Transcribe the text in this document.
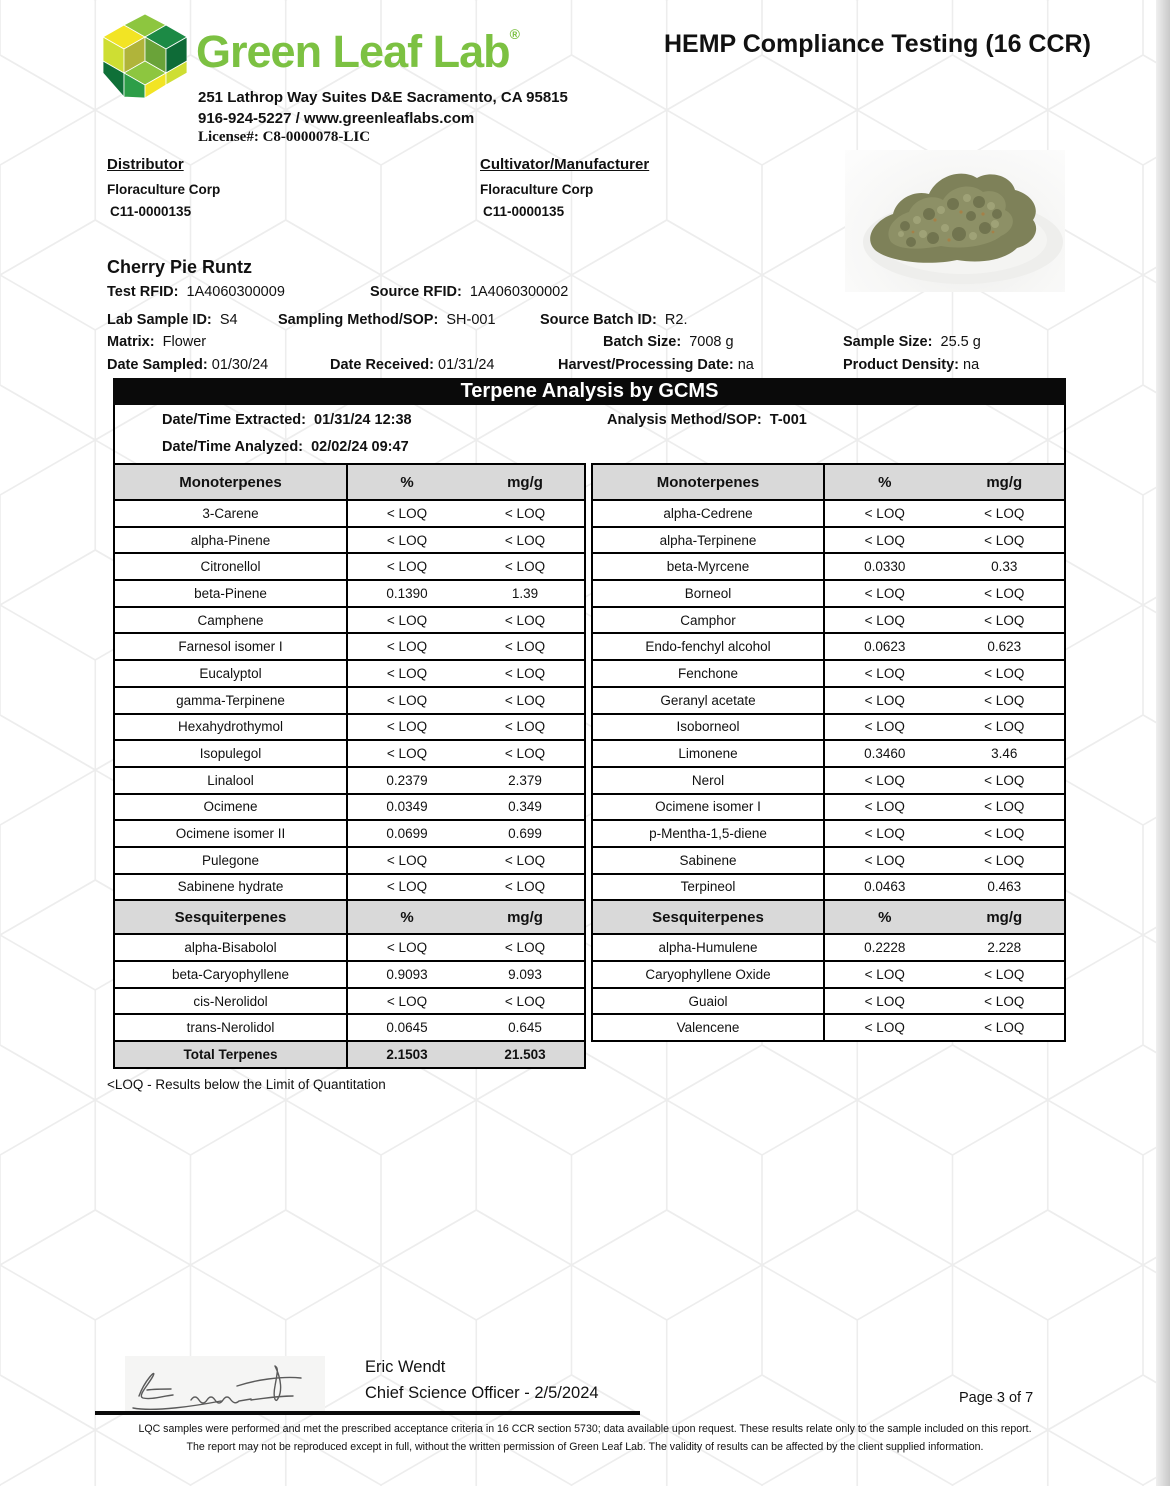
Green Leaf Lab®
251 Lathrop Way Suites D&E Sacramento, CA 95815
916-924-5227 / www.greenleaflabs.com
License#: C8-0000078-LIC
HEMP Compliance Testing (16 CCR)
Distributor
Floraculture Corp
C11-0000135
Cultivator/Manufacturer
Floraculture Corp
C11-0000135
Cherry Pie Runtz
Test RFID: 1A4060300009	Source RFID: 1A4060300002
Lab Sample ID: S4	Sampling Method/SOP: SH-001	Source Batch ID: R2.
Matrix: Flower	Batch Size: 7008 g	Sample Size: 25.5 g
Date Sampled: 01/30/24	Date Received: 01/31/24	Harvest/Processing Date: na	Product Density: na
Terpene Analysis by GCMS
Date/Time Extracted: 01/31/24 12:38	Analysis Method/SOP: T-001
Date/Time Analyzed: 02/02/24 09:47
Monoterpenes	%	mg/g
3-Carene	< LOQ	< LOQ
alpha-Pinene	< LOQ	< LOQ
Citronellol	< LOQ	< LOQ
beta-Pinene	0.1390	1.39
Camphene	< LOQ	< LOQ
Farnesol isomer I	< LOQ	< LOQ
Eucalyptol	< LOQ	< LOQ
gamma-Terpinene	< LOQ	< LOQ
Hexahydrothymol	< LOQ	< LOQ
Isopulegol	< LOQ	< LOQ
Linalool	0.2379	2.379
Ocimene	0.0349	0.349
Ocimene isomer II	0.0699	0.699
Pulegone	< LOQ	< LOQ
Sabinene hydrate	< LOQ	< LOQ
Sesquiterpenes	%	mg/g
alpha-Bisabolol	< LOQ	< LOQ
beta-Caryophyllene	0.9093	9.093
cis-Nerolidol	< LOQ	< LOQ
trans-Nerolidol	0.0645	0.645
Total Terpenes	2.1503	21.503
Monoterpenes	%	mg/g
alpha-Cedrene	< LOQ	< LOQ
alpha-Terpinene	< LOQ	< LOQ
beta-Myrcene	0.0330	0.33
Borneol	< LOQ	< LOQ
Camphor	< LOQ	< LOQ
Endo-fenchyl alcohol	0.0623	0.623
Fenchone	< LOQ	< LOQ
Geranyl acetate	< LOQ	< LOQ
Isoborneol	< LOQ	< LOQ
Limonene	0.3460	3.46
Nerol	< LOQ	< LOQ
Ocimene isomer I	< LOQ	< LOQ
p-Mentha-1,5-diene	< LOQ	< LOQ
Sabinene	< LOQ	< LOQ
Terpineol	0.0463	0.463
Sesquiterpenes	%	mg/g
alpha-Humulene	0.2228	2.228
Caryophyllene Oxide	< LOQ	< LOQ
Guaiol	< LOQ	< LOQ
Valencene	< LOQ	< LOQ
<LOQ - Results below the Limit of Quantitation
Eric Wendt
Chief Science Officer - 2/5/2024	Page 3 of 7
LQC samples were performed and met the prescribed acceptance criteria in 16 CCR section 5730; data available upon request. These results relate only to the sample included on this report.
The report may not be reproduced except in full, without the written permission of Green Leaf Lab. The validity of results can be affected by the client supplied information.
